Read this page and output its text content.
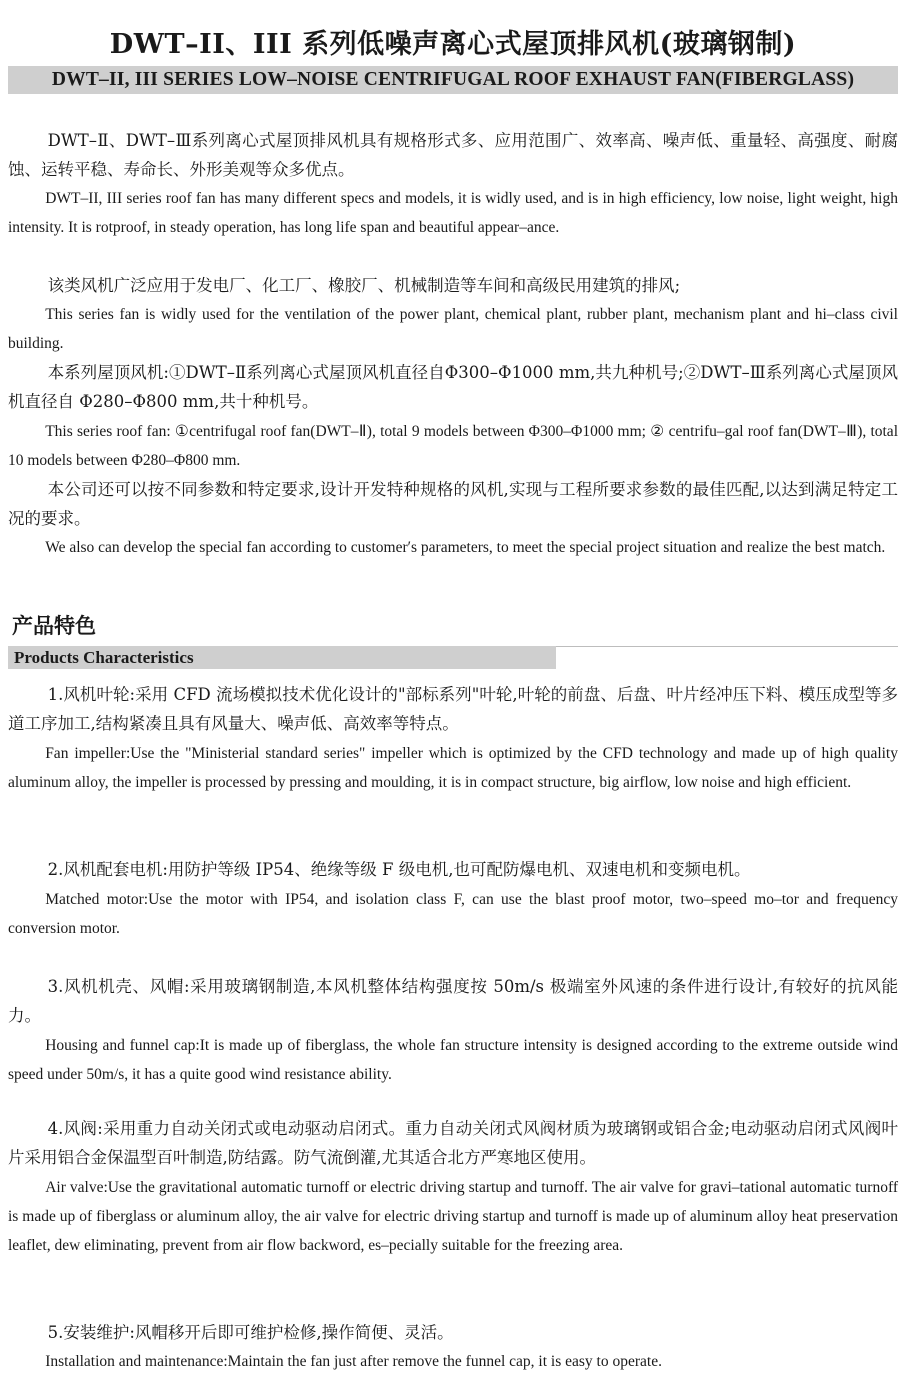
DWT–II、III 系列低噪声离心式屋顶排风机(玻璃钢制)
DWT–II, III SERIES LOW–NOISE CENTRIFUGAL ROOF EXHAUST FAN(FIBERGLASS)

DWT–Ⅱ、DWT–Ⅲ系列离心式屋顶排风机具有规格形式多、应用范围广、效率高、噪声低、重量轻、高强度、耐腐蚀、运转平稳、寿命长、外形美观等众多优点。

DWT–II, III series roof fan has many different specs and models, it is widly used, and is in high efficiency, low noise, light weight, high intensity. It is rotproof, in steady operation, has long life span and beautiful appear–ance.

该类风机广泛应用于发电厂、化工厂、橡胶厂、机械制造等车间和高级民用建筑的排风;

This series fan is widly used for the ventilation of the power plant, chemical plant, rubber plant, mechanism plant and hi–class civil building.

本系列屋顶风机:①DWT–Ⅱ系列离心式屋顶风机直径自Φ300–Φ1000 mm,共九种机号;②DWT–Ⅲ系列离心式屋顶风机直径自 Φ280–Φ800 mm,共十种机号。

This series roof fan: ①centrifugal roof fan(DWT–Ⅱ), total 9 models between Φ300–Φ1000 mm; ② centrifu–gal roof fan(DWT–Ⅲ), total 10 models between Φ280–Φ800 mm.

本公司还可以按不同参数和特定要求,设计开发特种规格的风机,实现与工程所要求参数的最佳匹配,以达到满足特定工况的要求。

We also can develop the special fan according to customer′s parameters, to meet the special project situation and realize the best match.

产品特色
Products Characteristics

1.风机叶轮:采用 CFD 流场模拟技术优化设计的"部标系列"叶轮,叶轮的前盘、后盘、叶片经冲压下料、模压成型等多道工序加工,结构紧凑且具有风量大、噪声低、高效率等特点。

Fan impeller:Use the "Ministerial standard series" impeller which is optimized by the CFD technology and made up of high quality aluminum alloy, the impeller is processed by pressing and moulding, it is in compact structure, big airflow, low noise and high efficient.

2.风机配套电机:用防护等级 IP54、绝缘等级 F 级电机,也可配防爆电机、双速电机和变频电机。

Matched motor:Use the motor with IP54, and isolation class F, can use the blast proof motor, two–speed mo–tor and frequency conversion motor.

3.风机机壳、风帽:采用玻璃钢制造,本风机整体结构强度按 50m/s 极端室外风速的条件进行设计,有较好的抗风能力。

Housing and funnel cap:It is made up of fiberglass, the whole fan structure intensity is designed according to the extreme outside wind speed under 50m/s, it has a quite good wind resistance ability.

4.风阀:采用重力自动关闭式或电动驱动启闭式。重力自动关闭式风阀材质为玻璃钢或铝合金;电动驱动启闭式风阀叶片采用铝合金保温型百叶制造,防结露。防气流倒灌,尤其适合北方严寒地区使用。

Air valve:Use the gravitational automatic turnoff or electric driving startup and turnoff. The air valve for gravi–tational automatic turnoff is made up of fiberglass or aluminum alloy, the air valve for electric driving startup and turnoff is made up of aluminum alloy heat preservation leaflet, dew eliminating, prevent from air flow backword, es–pecially suitable for the freezing area.

5.安装维护:风帽移开后即可维护检修,操作简便、灵活。

Installation and maintenance:Maintain the fan just after remove the funnel cap, it is easy to operate.
